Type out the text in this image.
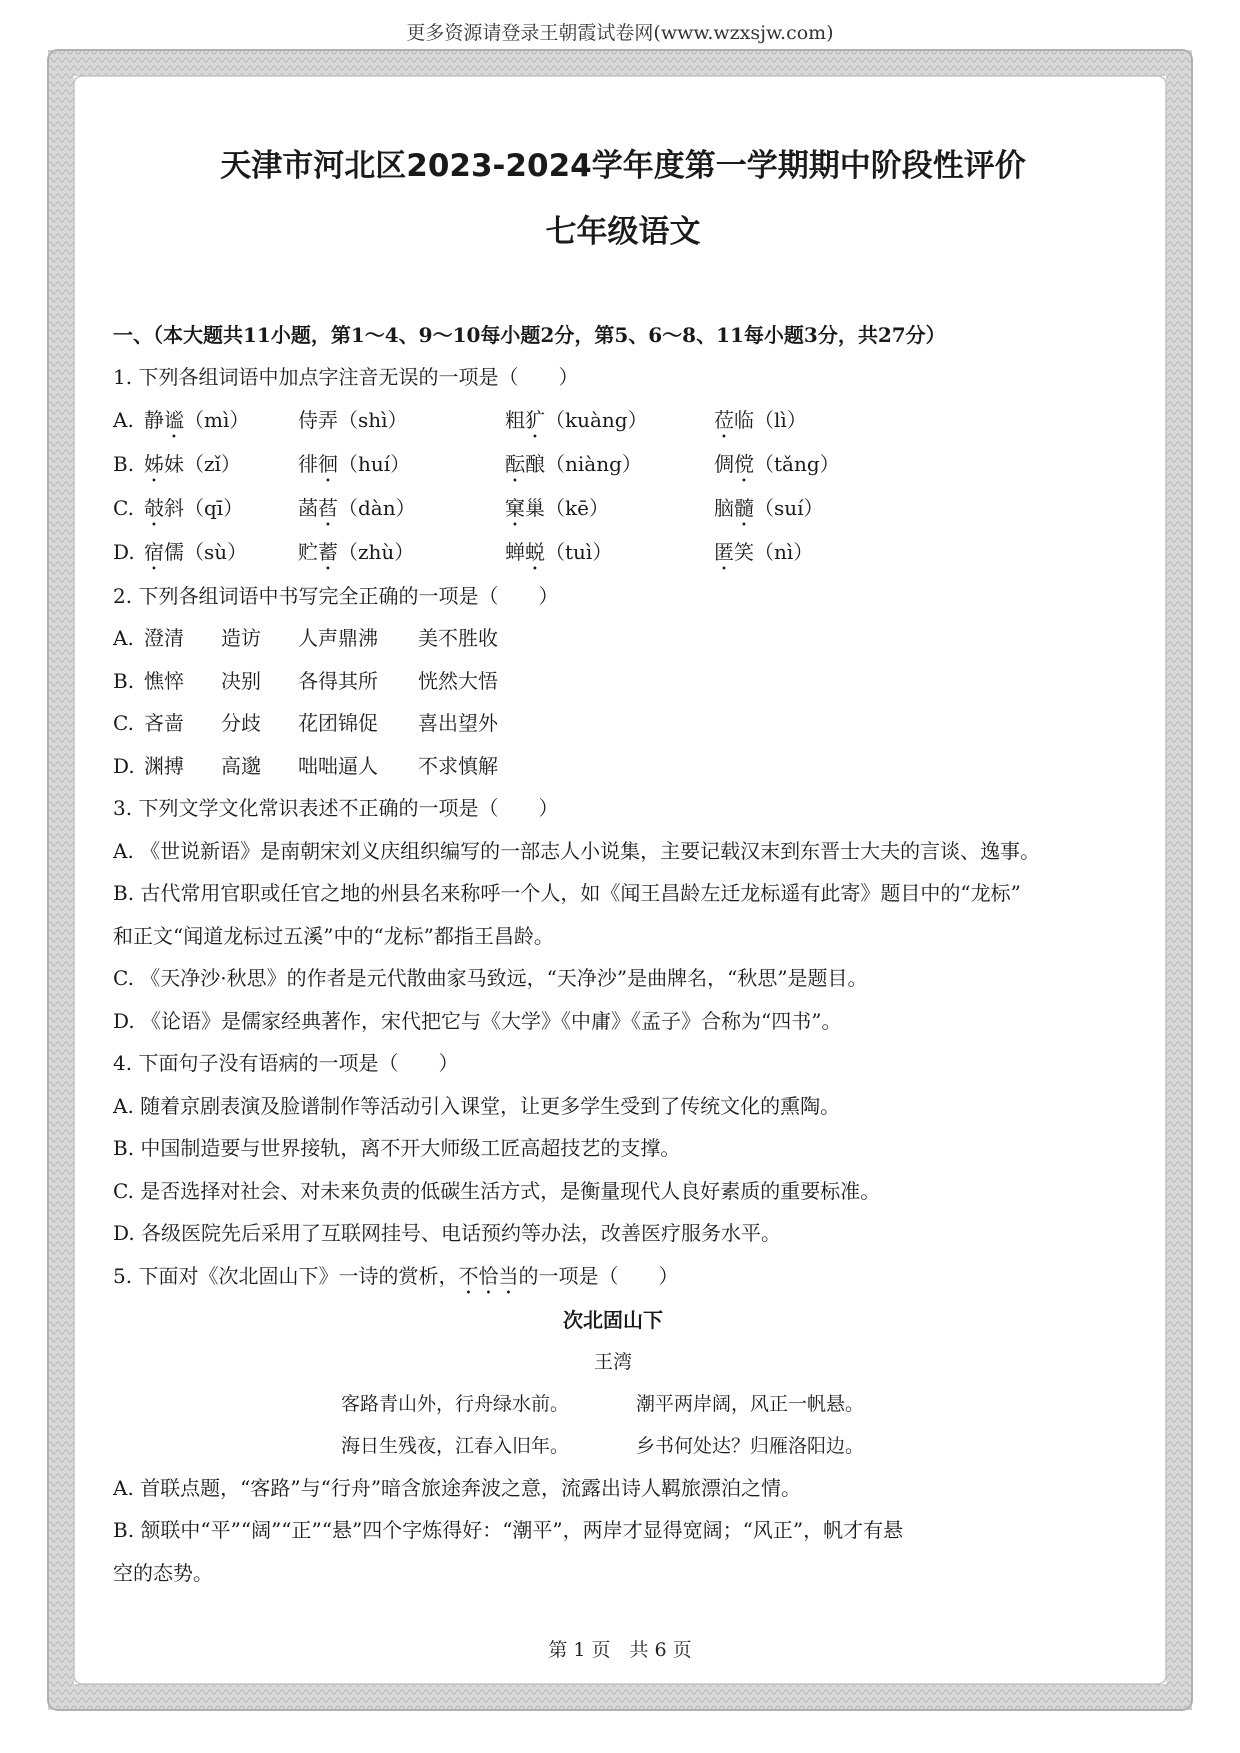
更多资源请登录王朝霞试卷网(www.wzxsjw.com)
天津市河北区2023-2024学年度第一学期期中阶段性评价
七年级语文
一、（本大题共11小题，第1～4、9～10每小题2分，第5、6～8、11每小题3分，共27分）
1. 下列各组词语中加点字注音无误的一项是（　　）
A. 静谧（mì）	侍弄（shì）	粗犷（kuàng）	莅临（lì）
B. 姊妹（zǐ）	徘徊（huí）	酝酿（niàng）	倜傥（tǎng）
C. 攲斜（qī）	菡萏（dàn）	窠巢（kē）	脑髓（suí）
D. 宿儒（sù）	贮蓄（zhù）	蝉蜕（tuì）	匿笑（nì）
2. 下列各组词语中书写完全正确的一项是（　　）
A. 澄清	造访	人声鼎沸	美不胜收
B. 憔悴	决别	各得其所	恍然大悟
C. 吝啬	分歧	花团锦促	喜出望外
D. 渊搏	高邈	咄咄逼人	不求慎解
3. 下列文学文化常识表述不正确的一项是（　　）
A. 《世说新语》是南朝宋刘义庆组织编写的一部志人小说集，主要记载汉末到东晋士大夫的言谈、逸事。
B. 古代常用官职或任官之地的州县名来称呼一个人，如《闻王昌龄左迁龙标遥有此寄》题目中的“龙标”
和正文“闻道龙标过五溪”中的“龙标”都指王昌龄。
C. 《天净沙·秋思》的作者是元代散曲家马致远，“天净沙”是曲牌名，“秋思”是题目。
D. 《论语》是儒家经典著作，宋代把它与《大学》《中庸》《孟子》合称为“四书”。
4. 下面句子没有语病的一项是（　　）
A. 随着京剧表演及脸谱制作等活动引入课堂，让更多学生受到了传统文化的熏陶。
B. 中国制造要与世界接轨，离不开大师级工匠高超技艺的支撑。
C. 是否选择对社会、对未来负责的低碳生活方式，是衡量现代人良好素质的重要标准。
D. 各级医院先后采用了互联网挂号、电话预约等办法，改善医疗服务水平。
5. 下面对《次北固山下》一诗的赏析，不恰当的一项是（　　）
次北固山下
王湾
客路青山外，行舟绿水前。	潮平两岸阔，风正一帆悬。
海日生残夜，江春入旧年。	乡书何处达？归雁洛阳边。
A. 首联点题，“客路”与“行舟”暗含旅途奔波之意，流露出诗人羁旅漂泊之情。
B. 颔联中“平”“阔”“正”“悬”四个字炼得好：“潮平”，两岸才显得宽阔；“风正”，帆才有悬
空的态势。
第 1 页　共 6 页
